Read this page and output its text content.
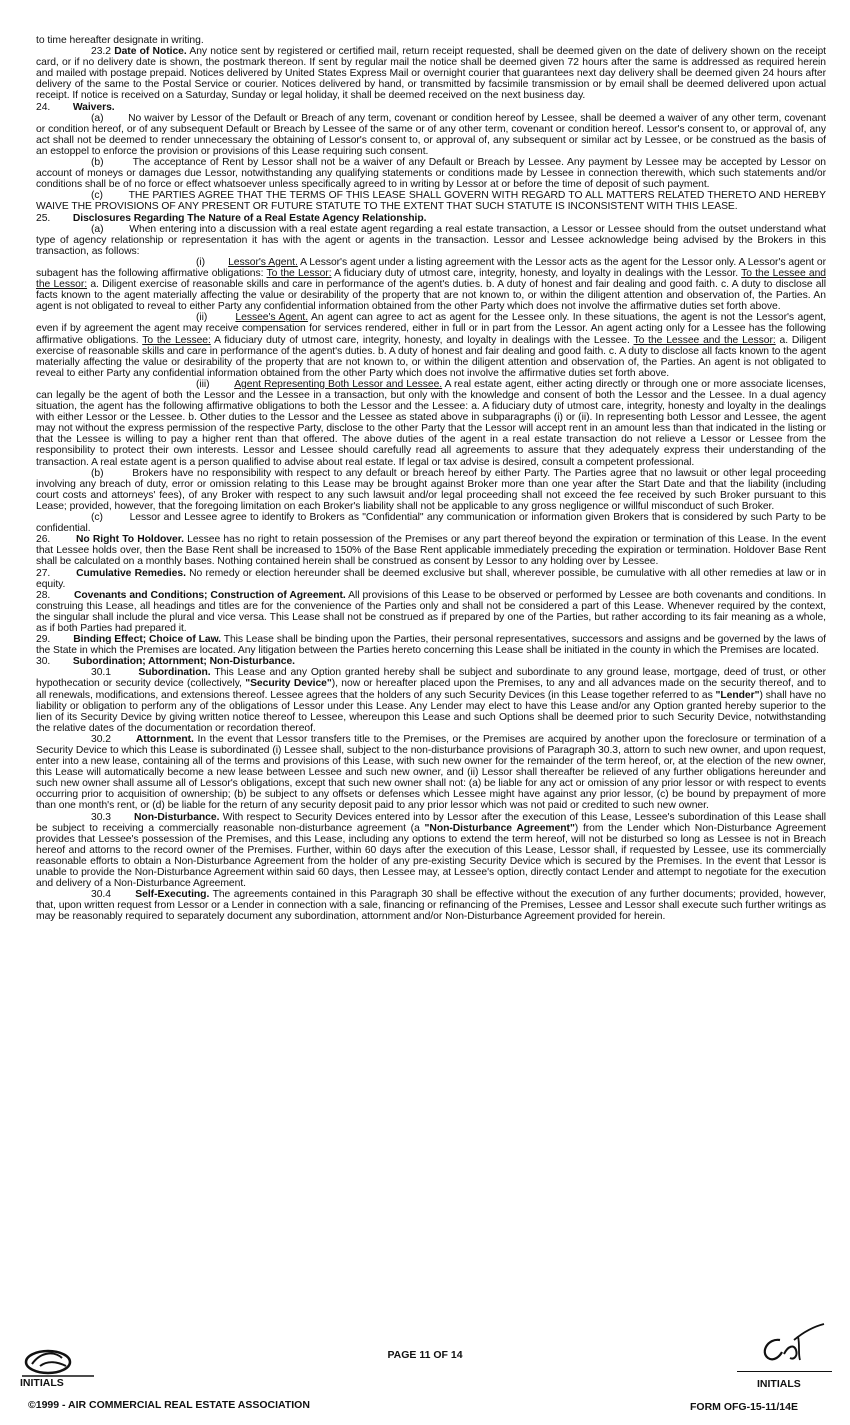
to time hereafter designate in writing.

23.2 Date of Notice. Any notice sent by registered or certified mail, return receipt requested, shall be deemed given on the date of delivery shown on the receipt card, or if no delivery date is shown, the postmark thereon. If sent by regular mail the notice shall be deemed given 72 hours after the same is addressed as required herein and mailed with postage prepaid. Notices delivered by United States Express Mail or overnight courier that guarantees next day delivery shall be deemed given 24 hours after delivery of the same to the Postal Service or courier. Notices delivered by hand, or transmitted by facsimile transmission or by email shall be deemed delivered upon actual receipt. If notice is received on a Saturday, Sunday or legal holiday, it shall be deemed received on the next business day.

24. Waivers.

(a)        No waiver by Lessor of the Default or Breach of any term, covenant or condition hereof by Lessee, shall be deemed a waiver of any other term, covenant or condition hereof, or of any subsequent Default or Breach by Lessee of the same or of any other term, covenant or condition hereof. Lessor's consent to, or approval of, any act shall not be deemed to render unnecessary the obtaining of Lessor's consent to, or approval of, any subsequent or similar act by Lessee, or be construed as the basis of an estoppel to enforce the provision or provisions of this Lease requiring such consent.

(b)        The acceptance of Rent by Lessor shall not be a waiver of any Default or Breach by Lessee. Any payment by Lessee may be accepted by Lessor on account of moneys or damages due Lessor, notwithstanding any qualifying statements or conditions made by Lessee in connection therewith, which such statements and/or conditions shall be of no force or effect whatsoever unless specifically agreed to in writing by Lessor at or before the time of deposit of such payment.

(c)        THE PARTIES AGREE THAT THE TERMS OF THIS LEASE SHALL GOVERN WITH REGARD TO ALL MATTERS RELATED THERETO AND HEREBY WAIVE THE PROVISIONS OF ANY PRESENT OR FUTURE STATUTE TO THE EXTENT THAT SUCH STATUTE IS INCONSISTENT WITH THIS LEASE.

25. Disclosures Regarding The Nature of a Real Estate Agency Relationship.

(a)        When entering into a discussion with a real estate agent regarding a real estate transaction, a Lessor or Lessee should from the outset understand what type of agency relationship or representation it has with the agent or agents in the transaction. Lessor and Lessee acknowledge being advised by the Brokers in this transaction, as follows:

(i)        Lessor's Agent. A Lessor's agent under a listing agreement with the Lessor acts as the agent for the Lessor only. A Lessor's agent or subagent has the following affirmative obligations: To the Lessor: A fiduciary duty of utmost care, integrity, honesty, and loyalty in dealings with the Lessor. To the Lessee and the Lessor: a. Diligent exercise of reasonable skills and care in performance of the agent's duties. b. A duty of honest and fair dealing and good faith. c. A duty to disclose all facts known to the agent materially affecting the value or desirability of the property that are not known to, or within the diligent attention and observation of, the Parties. An agent is not obligated to reveal to either Party any confidential information obtained from the other Party which does not involve the affirmative duties set forth above.

(ii)        Lessee's Agent. An agent can agree to act as agent for the Lessee only. In these situations, the agent is not the Lessor's agent, even if by agreement the agent may receive compensation for services rendered, either in full or in part from the Lessor. An agent acting only for a Lessee has the following affirmative obligations. To the Lessee: A fiduciary duty of utmost care, integrity, honesty, and loyalty in dealings with the Lessee. To the Lessee and the Lessor: a. Diligent exercise of reasonable skills and care in performance of the agent's duties. b. A duty of honest and fair dealing and good faith. c. A duty to disclose all facts known to the agent materially affecting the value or desirability of the property that are not known to, or within the diligent attention and observation of, the Parties. An agent is not obligated to reveal to either Party any confidential information obtained from the other Party which does not involve the affirmative duties set forth above.

(iii)        Agent Representing Both Lessor and Lessee. A real estate agent, either acting directly or through one or more associate licenses, can legally be the agent of both the Lessor and the Lessee in a transaction, but only with the knowledge and consent of both the Lessor and the Lessee. In a dual agency situation, the agent has the following affirmative obligations to both the Lessor and the Lessee: a. A fiduciary duty of utmost care, integrity, honesty and loyalty in the dealings with either Lessor or the Lessee. b. Other duties to the Lessor and the Lessee as stated above in subparagraphs (i) or (ii). In representing both Lessor and Lessee, the agent may not without the express permission of the respective Party, disclose to the other Party that the Lessor will accept rent in an amount less than that indicated in the listing or that the Lessee is willing to pay a higher rent than that offered. The above duties of the agent in a real estate transaction do not relieve a Lessor or Lessee from the responsibility to protect their own interests. Lessor and Lessee should carefully read all agreements to assure that they adequately express their understanding of the transaction. A real estate agent is a person qualified to advise about real estate. If legal or tax advise is desired, consult a competent professional.

(b)        Brokers have no responsibility with respect to any default or breach hereof by either Party. The Parties agree that no lawsuit or other legal proceeding involving any breach of duty, error or omission relating to this Lease may be brought against Broker more than one year after the Start Date and that the liability (including court costs and attorneys' fees), of any Broker with respect to any such lawsuit and/or legal proceeding shall not exceed the fee received by such Broker pursuant to this Lease; provided, however, that the foregoing limitation on each Broker's liability shall not be applicable to any gross negligence or willful misconduct of such Broker.

(c)        Lessor and Lessee agree to identify to Brokers as "Confidential" any communication or information given Brokers that is considered by such Party to be confidential.

26. No Right To Holdover. Lessee has no right to retain possession of the Premises or any part thereof beyond the expiration or termination of this Lease. In the event that Lessee holds over, then the Base Rent shall be increased to 150% of the Base Rent applicable immediately preceding the expiration or termination. Holdover Base Rent shall be calculated on a monthly bases. Nothing contained herein shall be construed as consent by Lessor to any holding over by Lessee.

27.	Cumulative Remedies. No remedy or election hereunder shall be deemed exclusive but shall, wherever possible, be cumulative with all other remedies at law or in equity.

28. Covenants and Conditions; Construction of Agreement. All provisions of this Lease to be observed or performed by Lessee are both covenants and conditions. In construing this Lease, all headings and titles are for the convenience of the Parties only and shall not be considered a part of this Lease. Whenever required by the context, the singular shall include the plural and vice versa. This Lease shall not be construed as if prepared by one of the Parties, but rather according to its fair meaning as a whole, as if both Parties had prepared it.

29. Binding Effect; Choice of Law. This Lease shall be binding upon the Parties, their personal representatives, successors and assigns and be governed by the laws of the State in which the Premises are located. Any litigation between the Parties hereto concerning this Lease shall be initiated in the county in which the Premises are located.

30. Subordination; Attornment; Non-Disturbance.

30.1	Subordination. This Lease and any Option granted hereby shall be subject and subordinate to any ground lease, mortgage, deed of trust, or other hypothecation or security device (collectively, "Security Device"), now or hereafter placed upon the Premises, to any and all advances made on the security thereof, and to all renewals, modifications, and extensions thereof. Lessee agrees that the holders of any such Security Devices (in this Lease together referred to as "Lender") shall have no liability or obligation to perform any of the obligations of Lessor under this Lease. Any Lender may elect to have this Lease and/or any Option granted hereby superior to the lien of its Security Device by giving written notice thereof to Lessee, whereupon this Lease and such Options shall be deemed prior to such Security Device, notwithstanding the relative dates of the documentation or recordation thereof.

30.2 Attornment. In the event that Lessor transfers title to the Premises, or the Premises are acquired by another upon the foreclosure or termination of a Security Device to which this Lease is subordinated (i) Lessee shall, subject to the non-disturbance provisions of Paragraph 30.3, attorn to such new owner, and upon request, enter into a new lease, containing all of the terms and provisions of this Lease, with such new owner for the remainder of the term hereof, or, at the election of the new owner, this Lease will automatically become a new lease between Lessee and such new owner, and (ii) Lessor shall thereafter be relieved of any further obligations hereunder and such new owner shall assume all of Lessor's obligations, except that such new owner shall not: (a) be liable for any act or omission of any prior lessor or with respect to events occurring prior to acquisition of ownership; (b) be subject to any offsets or defenses which Lessee might have against any prior lessor, (c) be bound by prepayment of more than one month's rent, or (d) be liable for the return of any security deposit paid to any prior lessor which was not paid or credited to such new owner.

30.3 Non-Disturbance. With respect to Security Devices entered into by Lessor after the execution of this Lease, Lessee's subordination of this Lease shall be subject to receiving a commercially reasonable non-disturbance agreement (a "Non-Disturbance Agreement") from the Lender which Non-Disturbance Agreement provides that Lessee's possession of the Premises, and this Lease, including any options to extend the term hereof, will not be disturbed so long as Lessee is not in Breach hereof and attorns to the record owner of the Premises. Further, within 60 days after the execution of this Lease, Lessor shall, if requested by Lessee, use its commercially reasonable efforts to obtain a Non-Disturbance Agreement from the holder of any pre-existing Security Device which is secured by the Premises. In the event that Lessor is unable to provide the Non-Disturbance Agreement within said 60 days, then Lessee may, at Lessee's option, directly contact Lender and attempt to negotiate for the execution and delivery of a Non-Disturbance Agreement.

30.4 Self-Executing. The agreements contained in this Paragraph 30 shall be effective without the execution of any further documents; provided, however, that, upon written request from Lessor or a Lender in connection with a sale, financing or refinancing of the Premises, Lessee and Lessor shall execute such further writings as may be reasonably required to separately document any subordination, attornment and/or Non-Disturbance Agreement provided for herein.

PAGE 11 OF 14
INITIALS	INITIALS
©1999 - AIR COMMERCIAL REAL ESTATE ASSOCIATION	FORM OFG-15-11/14E
